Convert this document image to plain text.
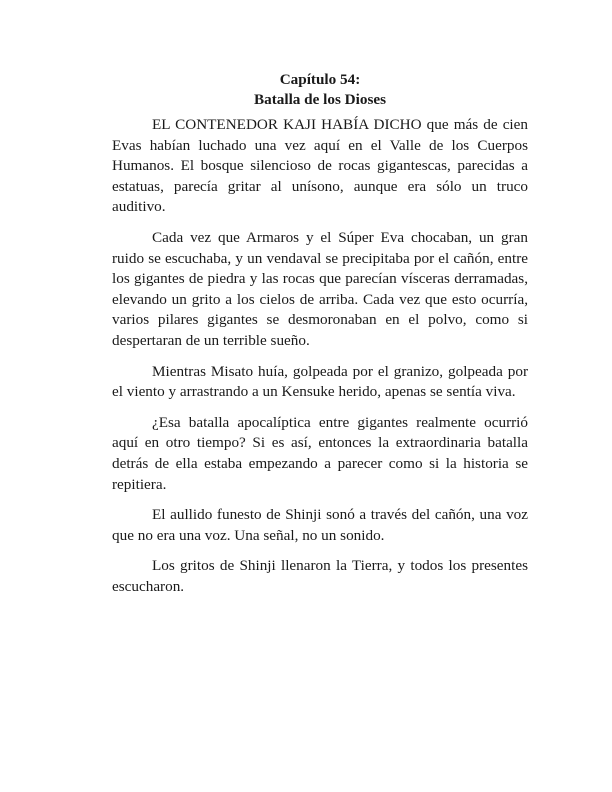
Capítulo 54:
Batalla de los Dioses

EL CONTENEDOR KAJI HABÍA DICHO que más de cien Evas habían luchado una vez aquí en el Valle de los Cuerpos Humanos. El bosque silencioso de rocas gigantescas, parecidas a estatuas, parecía gritar al unísono, aunque era sólo un truco auditivo.

Cada vez que Armaros y el Súper Eva chocaban, un gran ruido se escuchaba, y un vendaval se precipitaba por el cañón, entre los gigantes de piedra y las rocas que parecían vísceras derramadas, elevando un grito a los cielos de arriba. Cada vez que esto ocurría, varios pilares gigantes se desmoronaban en el polvo, como si despertaran de un terrible sueño.

Mientras Misato huía, golpeada por el granizo, golpeada por el viento y arrastrando a un Kensuke herido, apenas se sentía viva.

¿Esa batalla apocalíptica entre gigantes realmente ocurrió aquí en otro tiempo? Si es así, entonces la extraordinaria batalla detrás de ella estaba empezando a parecer como si la historia se repitiera.

El aullido funesto de Shinji sonó a través del cañón, una voz que no era una voz. Una señal, no un sonido.

Los gritos de Shinji llenaron la Tierra, y todos los presentes escucharon.
